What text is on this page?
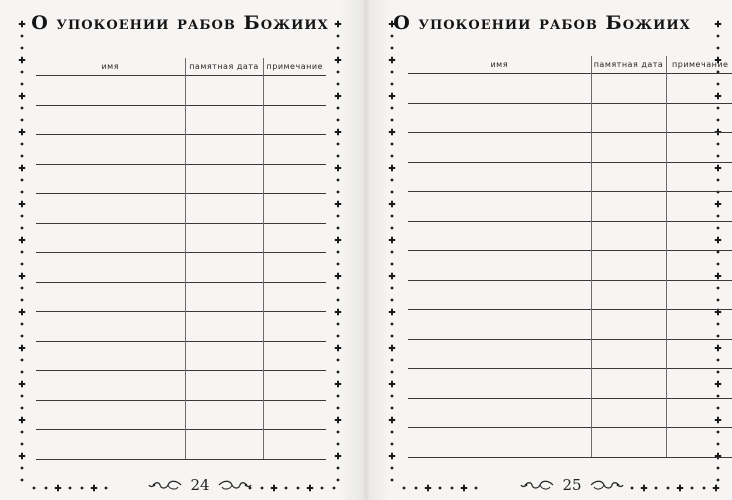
О упокоении рабов Божиих
имя	памятная дата	примечание

24
О упокоении рабов Божиих
имя	памятная дата	примечание

25
